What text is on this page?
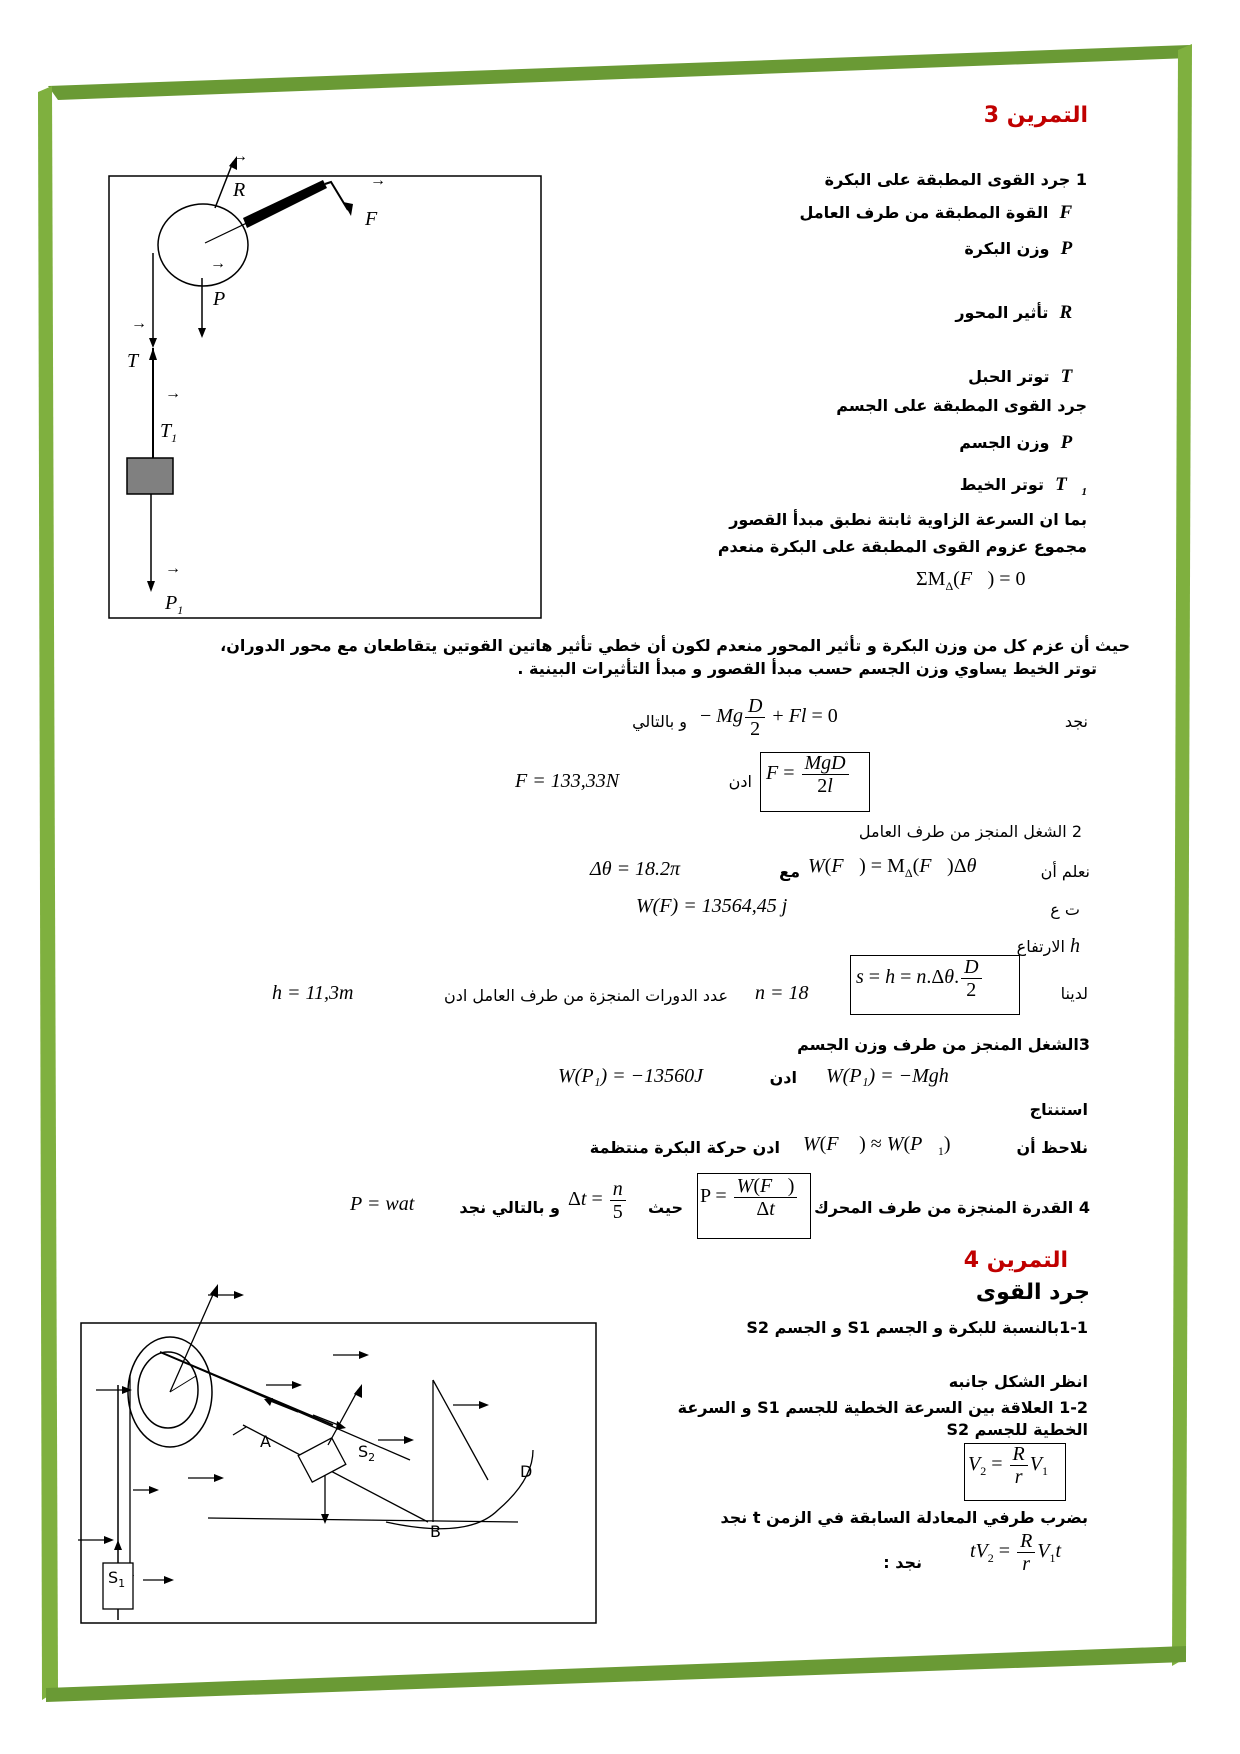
التمرين 3
R
F
P
T
$T_1$
$P_1$
→
→
→
→
→
→
1 جرد القوى المطبقة على البكرة
F⃗  القوة المطبقة من طرف العامل
P⃗  وزن البكرة
R⃗  تأثير المحور
T⃗  توتر الحبل
جرد القوى المطبقة على الجسم
P⃗  وزن الجسم
$T⃗_1$  توتر الخيط
بما ان السرعة الزاوية ثابتة نطبق مبدأ القصور
مجموع عزوم القوى المطبقة على البكرة منعدم
$\Sigma M_\Delta(F⃗) = 0$
حيث أن عزم كل من وزن البكرة و تأثير المحور منعدم لكون أن خطي تأثير هاتين القوتين يتقاطعان مع محور الدوران،
توتر الخيط يساوي وزن الجسم حسب مبدأ القصور و مبدأ التأثيرات البينية .
نجد
− Mg $\frac{D}{2} + Fl = 0$
و بالتالي
$F = \frac{\text{MgD}}{2l}$
ادن
F = 133,33N
2 الشغل المنجز من طرف العامل
نعلم أن
W(F⃗) = $M_\Delta(F⃗)\Delta\theta$
مع
Δθ = 18.2π
ت ع
W(F) = 13564,45 j
h الارتفاع
لدينا
s = h = n.Δθ. $\frac{D}{2}$
n = 18
عدد الدورات المنجزة من طرف العامل ادن
h = 11,3m
3الشغل المنجز من طرف وزن الجسم
W(P₁) = −Mgh
ادن
W(P₁) = −13560J
استنتاج
نلاحظ أن
W(F⃗ ) ≈ $W(P⃗_1)$
ادن حركة البكرة منتظمة
4 القدرة المنجزة من طرف المحرك
$P = \frac{W(F⃗)}{\Delta t}$
حيث
$\Delta t = \frac{n}{5}$
و بالتالي نجد
P = wat
التمرين 4
جرد القوى
1-1بالنسبة للبكرة و الجسم S1 و الجسم S2
انظر الشكل جانبه
1-2 العلاقة بين السرعة الخطية للجسم S1 و السرعة
الخطية للجسم S2
$V_2 = \frac{R}{r} V_1$
بضرب طرفي المعادلة السابقة في الزمن t نجد
$tV_2 = \frac{R}{r} V_1t$
نجد :
$S_1$
$S_2$
A
B
D
